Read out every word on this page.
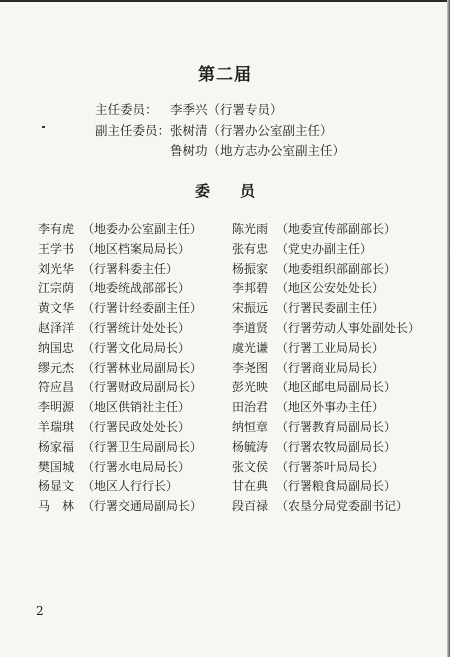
第二届
主任委员： 李季兴（行署专员）
副主任委员： 张树清（行署办公室副主任）
鲁树功（地方志办公室副主任）
委 员
李有虎 （地委办公室副主任）
王学书 （地区档案局局长）
刘光华 （行署科委主任）
江宗荫 （地委统战部部长）
黄文华 （行署计经委副主任）
赵泽洋 （行署统计处处长）
纳国忠 （行署文化局局长）
缪元杰 （行署林业局副局长）
符应昌 （行署财政局副局长）
李明源 （地区供销社主任）
羊瑞琪 （行署民政处处长）
杨家福 （行署卫生局副局长）
樊国城 （行署水电局局长）
杨显文 （地区人行行长）
马　林 （行署交通局副局长）
陈光雨 （地委宣传部副部长）
张有忠 （党史办副主任）
杨振家 （地委组织部副部长）
李邦碧 （地区公安处处长）
宋振远 （行署民委副主任）
李道贤 （行署劳动人事处副处长）
虞光谦 （行署工业局局长）
李尧图 （行署商业局局长）
彭光映 （地区邮电局副局长）
田治君 （地区外事办主任）
纳恒章 （行署教育局副局长）
杨毓涛 （行署农牧局副局长）
张文侯 （行署茶叶局局长）
甘在典 （行署粮食局副局长）
段百禄 （农垦分局党委副书记）
2
